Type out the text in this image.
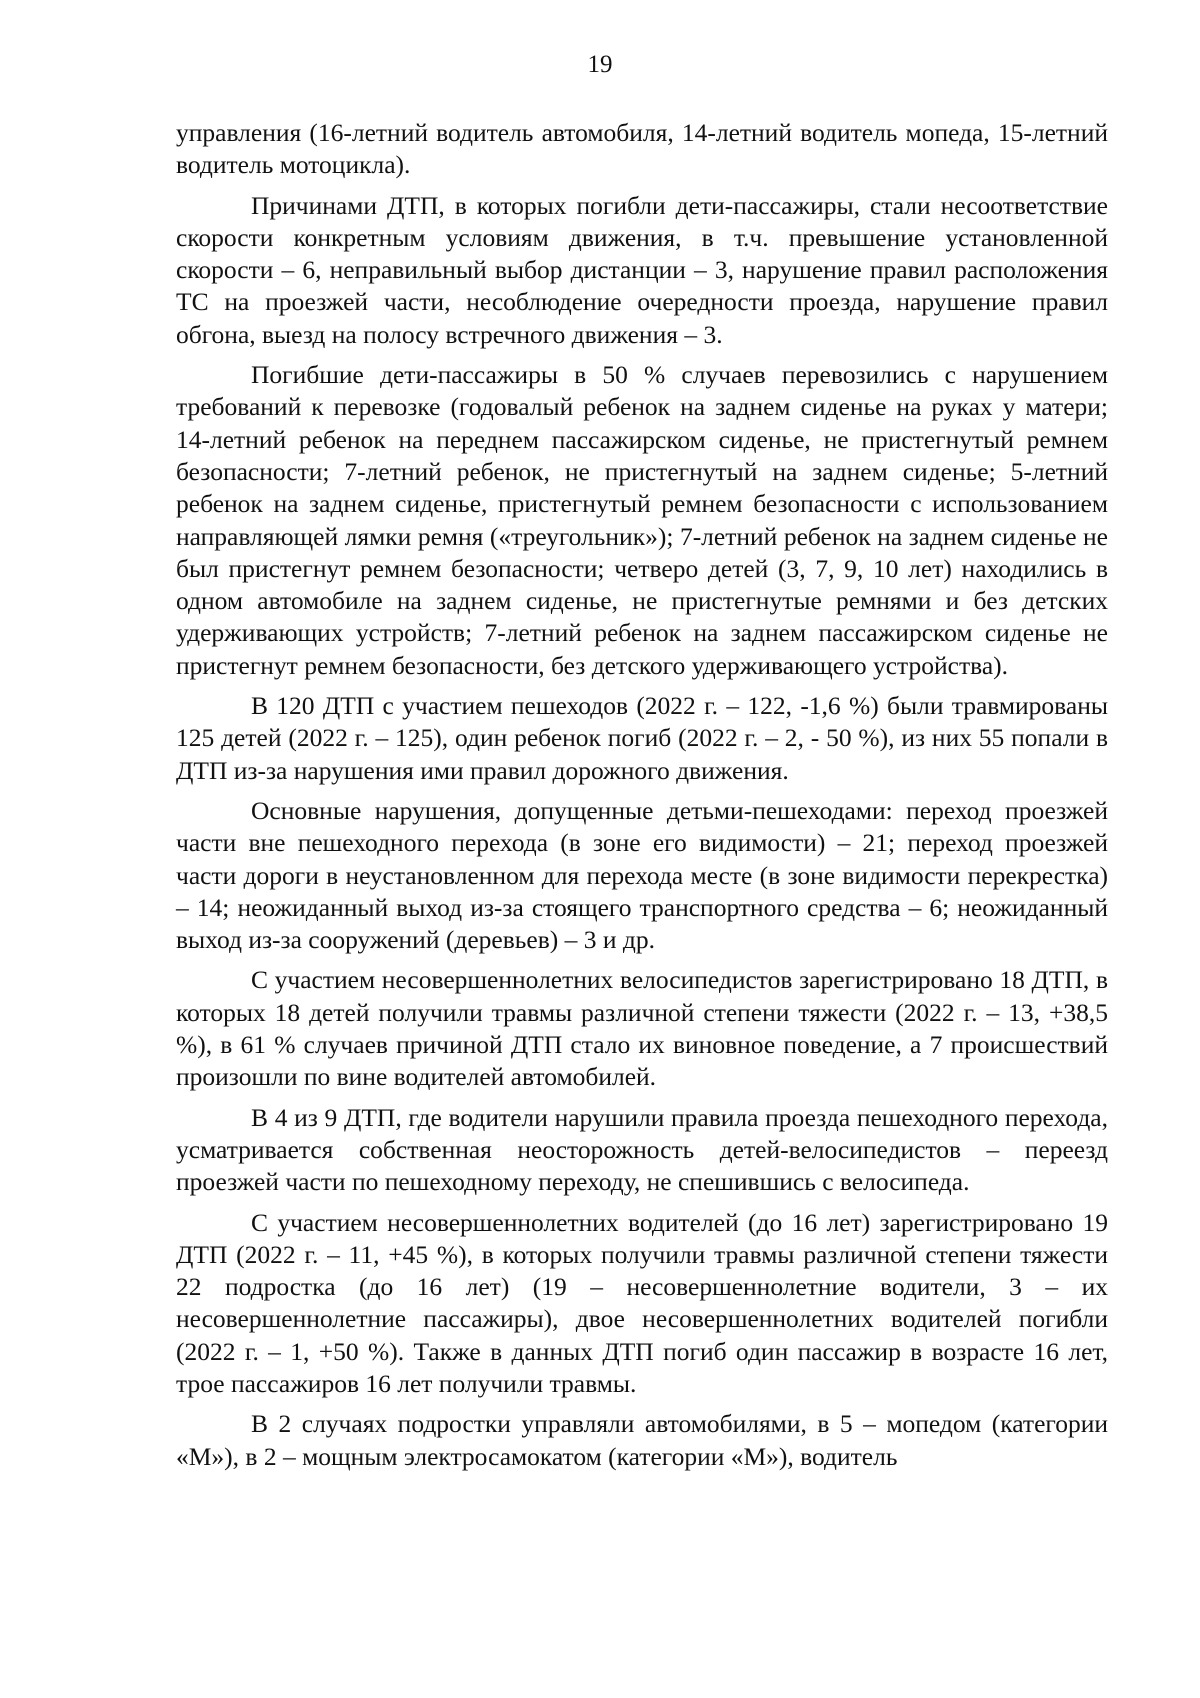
19

управления (16-летний водитель автомобиля, 14-летний водитель мопеда, 15-летний водитель мотоцикла).

Причинами ДТП, в которых погибли дети-пассажиры, стали несоответствие скорости конкретным условиям движения, в т.ч. превышение установленной скорости – 6, неправильный выбор дистанции – 3, нарушение правил расположения ТС на проезжей части, несоблюдение очередности проезда, нарушение правил обгона, выезд на полосу встречного движения – 3.

Погибшие дети-пассажиры в 50 % случаев перевозились с нарушением требований к перевозке (годовалый ребенок на заднем сиденье на руках у матери; 14-летний ребенок на переднем пассажирском сиденье, не пристегнутый ремнем безопасности; 7-летний ребенок, не пристегнутый на заднем сиденье; 5-летний ребенок на заднем сиденье, пристегнутый ремнем безопасности с использованием направляющей лямки ремня («треугольник»); 7-летний ребенок на заднем сиденье не был пристегнут ремнем безопасности; четверо детей (3, 7, 9, 10 лет) находились в одном автомобиле на заднем сиденье, не пристегнутые ремнями и без детских удерживающих устройств; 7-летний ребенок на заднем пассажирском сиденье не пристегнут ремнем безопасности, без детского удерживающего устройства).

В 120 ДТП с участием пешеходов (2022 г. – 122, -1,6 %) были травмированы 125 детей (2022 г. – 125), один ребенок погиб (2022 г. – 2, - 50 %), из них 55 попали в ДТП из-за нарушения ими правил дорожного движения.

Основные нарушения, допущенные детьми-пешеходами: переход проезжей части вне пешеходного перехода (в зоне его видимости) – 21; переход проезжей части дороги в неустановленном для перехода месте (в зоне видимости перекрестка) – 14; неожиданный выход из-за стоящего транспортного средства – 6; неожиданный выход из-за сооружений (деревьев) – 3 и др.

С участием несовершеннолетних велосипедистов зарегистрировано 18 ДТП, в которых 18 детей получили травмы различной степени тяжести (2022 г. – 13, +38,5 %), в 61 % случаев причиной ДТП стало их виновное поведение, а 7 происшествий произошли по вине водителей автомобилей.

В 4 из 9 ДТП, где водители нарушили правила проезда пешеходного перехода, усматривается собственная неосторожность детей-велосипедистов – переезд проезжей части по пешеходному переходу, не спешившись с велосипеда.

С участием несовершеннолетних водителей (до 16 лет) зарегистрировано 19 ДТП (2022 г. – 11, +45 %), в которых получили травмы различной степени тяжести 22 подростка (до 16 лет) (19 – несовершеннолетние водители, 3 – их несовершеннолетние пассажиры), двое несовершеннолетних водителей погибли (2022 г. – 1, +50 %). Также в данных ДТП погиб один пассажир в возрасте 16 лет, трое пассажиров 16 лет получили травмы.

В 2 случаях подростки управляли автомобилями, в 5 – мопедом (категории «М»), в 2 – мощным электросамокатом (категории «М»), водитель
